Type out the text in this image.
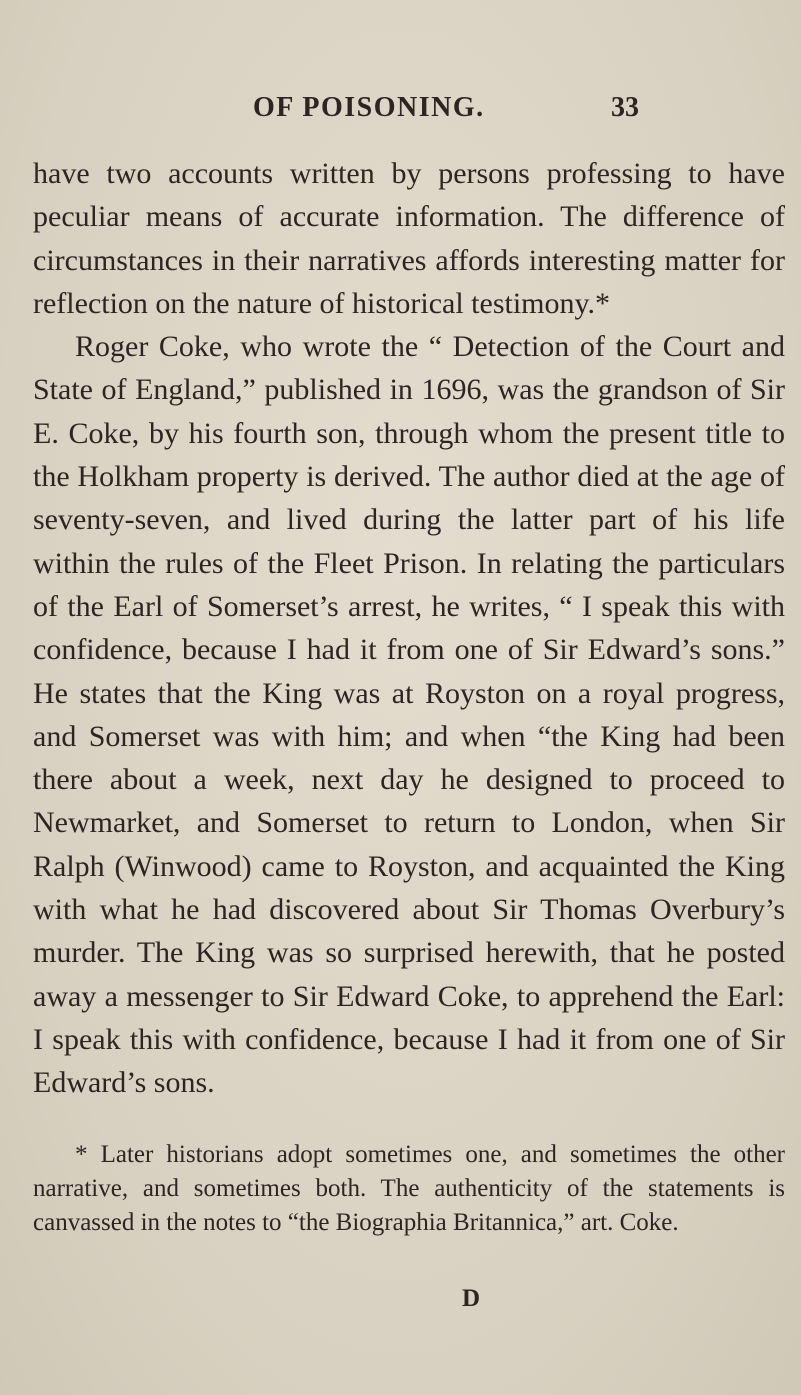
OF POISONING.	33

have two accounts written by persons professing to have peculiar means of accurate information. The difference of circumstances in their narratives affords interesting matter for reflection on the nature of historical testimony.*

Roger Coke, who wrote the “ Detection of the Court and State of England,” published in 1696, was the grandson of Sir E. Coke, by his fourth son, through whom the present title to the Holkham property is derived. The author died at the age of seventy-seven, and lived during the latter part of his life within the rules of the Fleet Prison. In relating the particulars of the Earl of Somerset’s arrest, he writes, “ I speak this with confidence, because I had it from one of Sir Edward’s sons.” He states that the King was at Royston on a royal progress, and Somerset was with him; and when “the King had been there about a week, next day he designed to proceed to Newmarket, and Somerset to return to London, when Sir Ralph (Winwood) came to Royston, and acquainted the King with what he had discovered about Sir Thomas Overbury’s murder. The King was so surprised herewith, that he posted away a messenger to Sir Edward Coke, to apprehend the Earl: I speak this with confidence, because I had it from one of Sir Edward’s sons.

* Later historians adopt sometimes one, and sometimes the other narrative, and sometimes both. The authenticity of the statements is canvassed in the notes to “the Biographia Britannica,” art. Coke.

D
